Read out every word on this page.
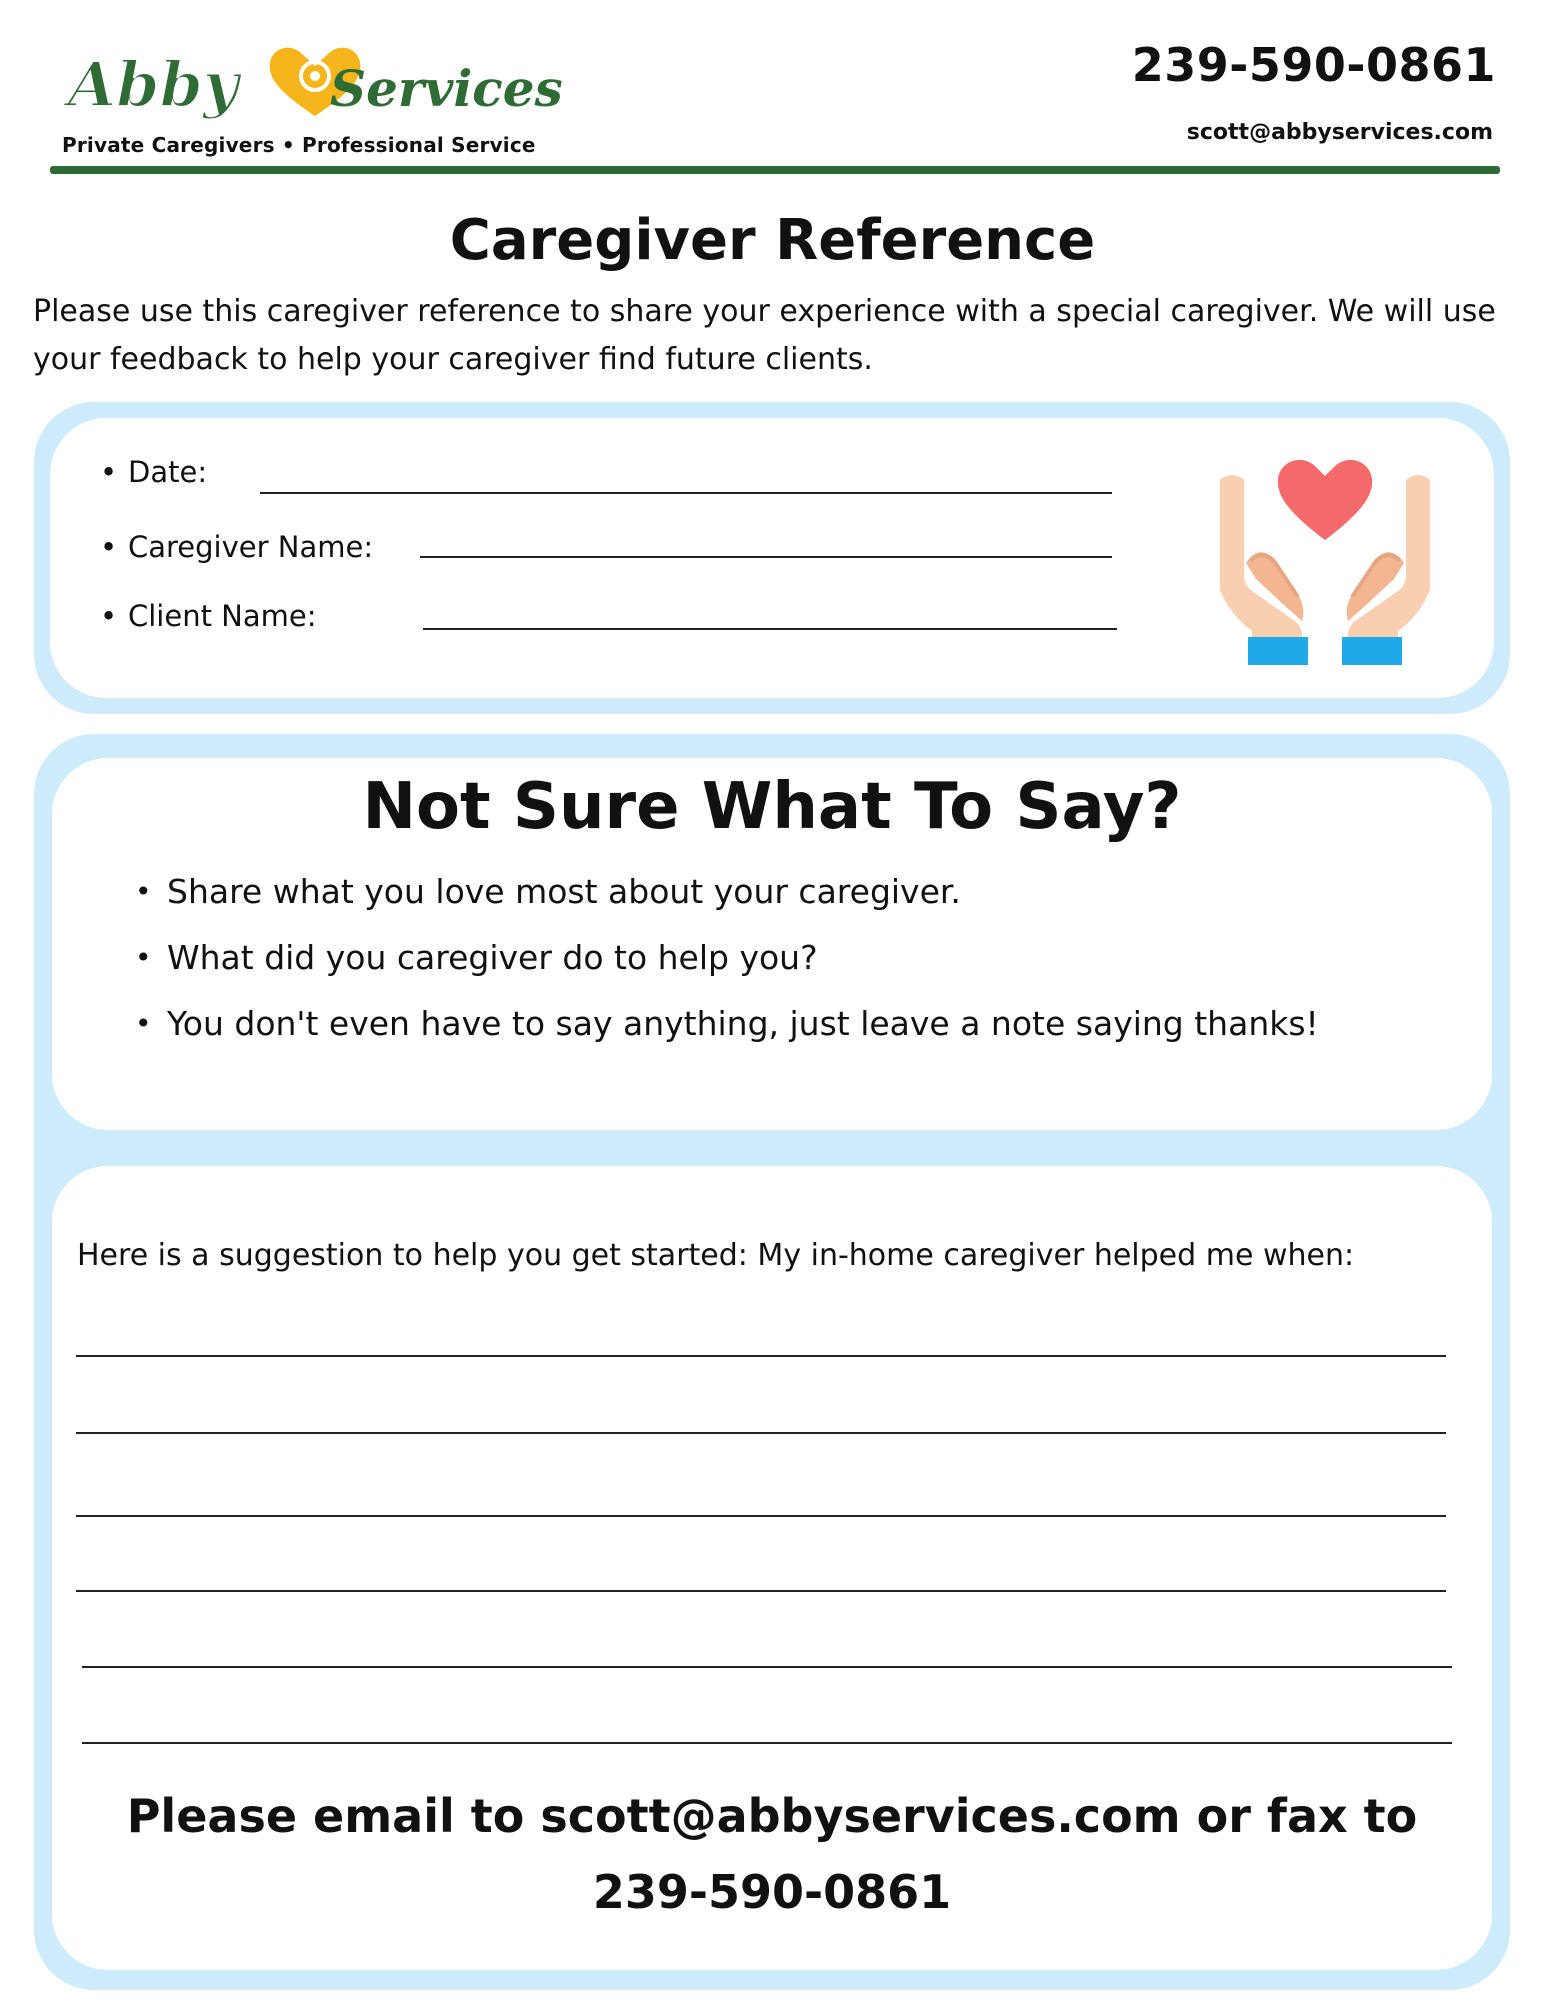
Abby Services
Private Caregivers • Professional Service
239-590-0861
scott@abbyservices.com
Caregiver Reference
Please use this caregiver reference to share your experience with a special caregiver. We will use your feedback to help your caregiver find future clients.
• Date:
• Caregiver Name:
• Client Name:
Not Sure What To Say?
• Share what you love most about your caregiver.
• What did you caregiver do to help you?
• You don't even have to say anything, just leave a note saying thanks!
Here is a suggestion to help you get started: My in-home caregiver helped me when:
Please email to scott@abbyservices.com or fax to
239-590-0861
